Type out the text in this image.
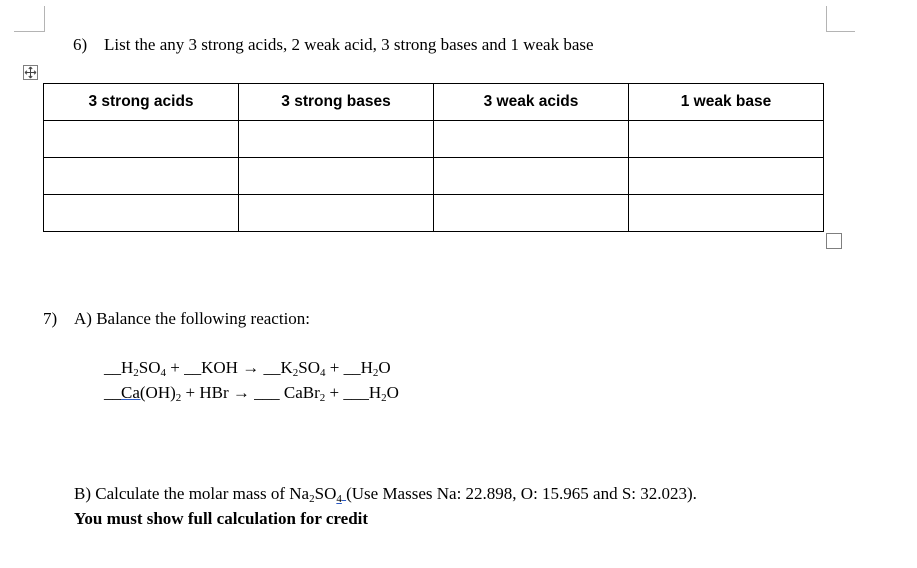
6) List the any 3 strong acids, 2 weak acid, 3 strong bases and 1 weak base
3 strong acids	3 strong bases	3 weak acids	1 weak base

7) A) Balance the following reaction:
$\_\_H_2SO_4$ + __KOH → $\_\_K_2SO_4$ + $\_\_H_2O$
$\_\_Ca(OH)_2$ + HBr → ___ CaBr$_2$ + $\_\_\_H_2O$
B) Calculate the molar mass of $Na_2SO_4$ (Use Masses Na: 22.898, O: 15.965 and S: 32.023).
You must show full calculation for credit
